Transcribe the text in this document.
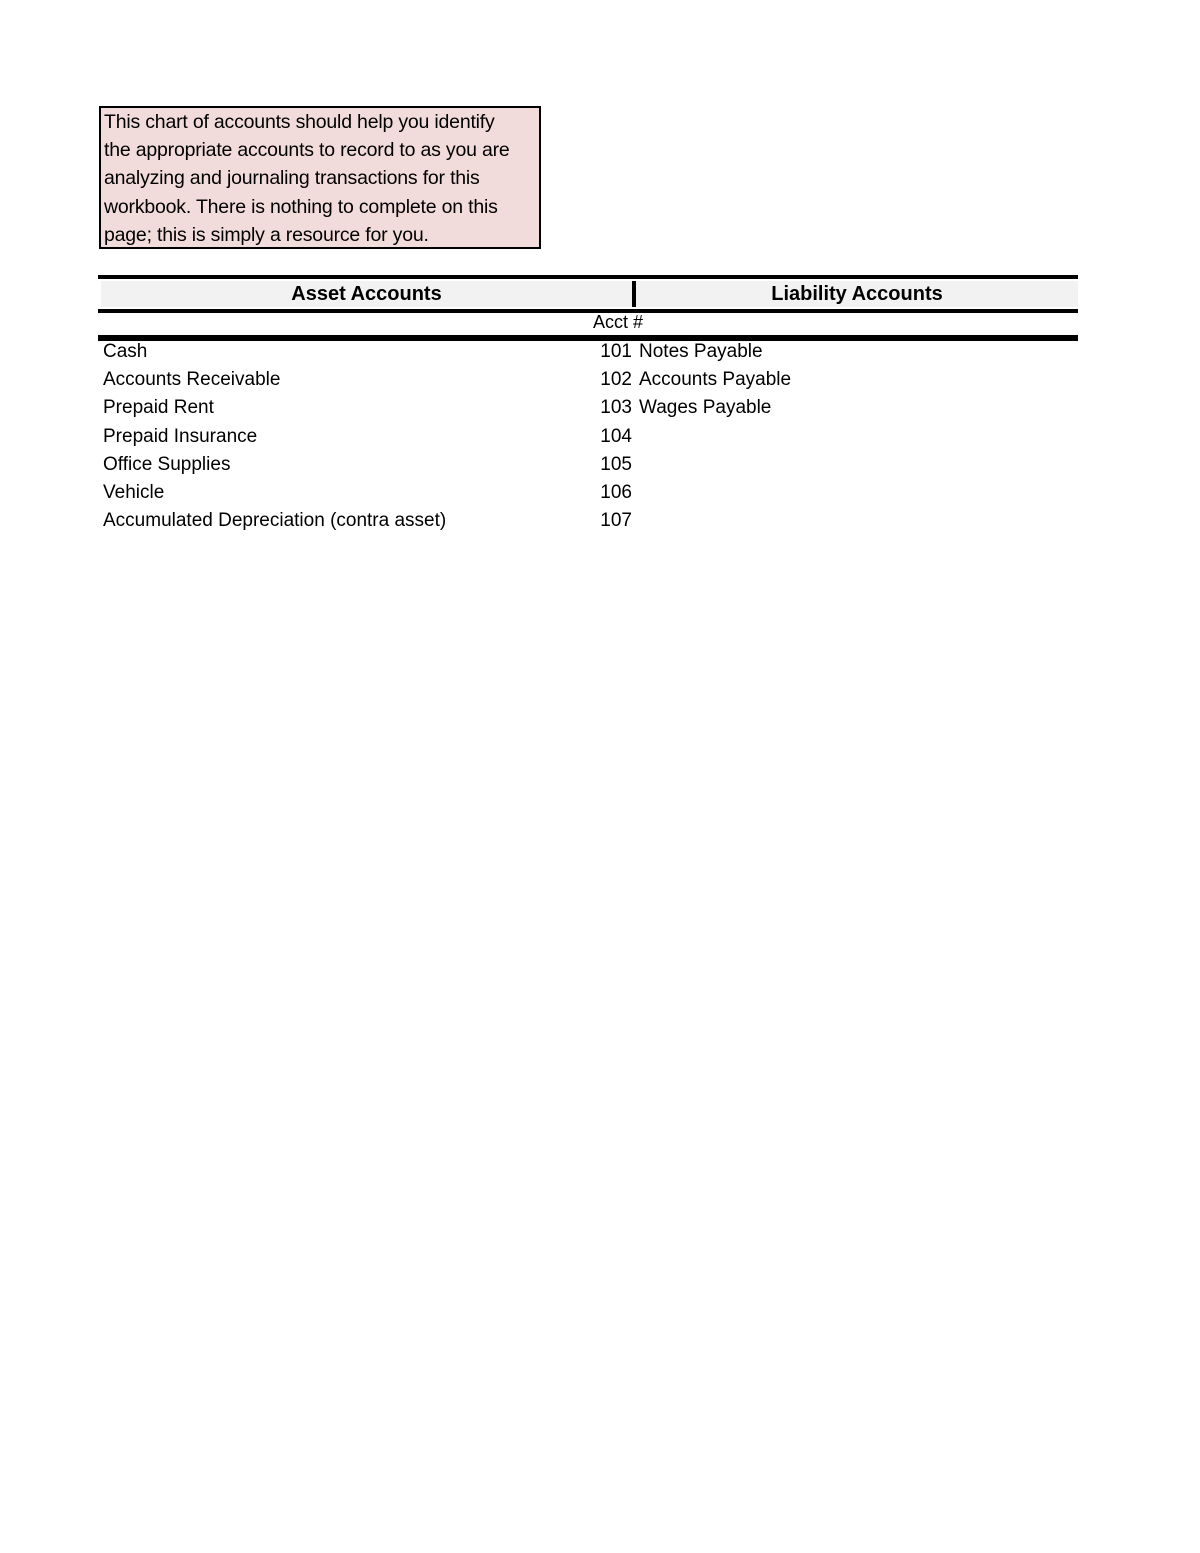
This chart of accounts should help you identify
the appropriate accounts to record to as you are
analyzing and journaling transactions for this
workbook. There is nothing to complete on this
page; this is simply a resource for you.

Asset Accounts	Liability Accounts
Acct #
Cash	101 Notes Payable
Accounts Receivable	102 Accounts Payable
Prepaid Rent	103 Wages Payable
Prepaid Insurance	104
Office Supplies	105
Vehicle	106
Accumulated Depreciation (contra asset)	107
